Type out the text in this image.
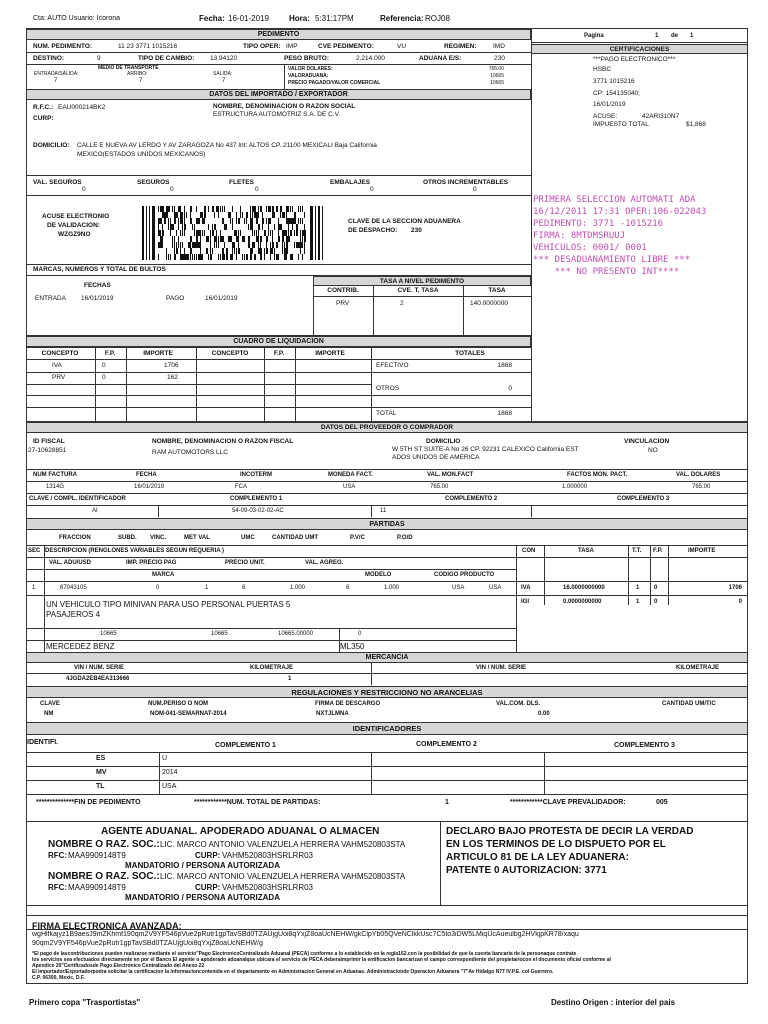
Cta: AUTO Usuario: Icorona	Fecha: 16-01-2019	Hora: 5:31:17PM	Referencia: ROJ08
PEDIMENTO
NUM. PEDIMENTO:	11 23 3771 1015216	TIPO OPER: IMP	CVE PEDIMENTO:	VU	REGIMEN:	IMD
DESTINO:	9	TIPO DE CAMBIO: 13.94120	PESO BRUTO:	2,214.000	ADUANA E/S:	230
MEDIO DE TRANSPORTE
ENTRADA/SALIDA:
7
ARRIBO:
7
SALIDA:
7
VALOR DOLARES:	765.00
VALORADUANA:	10665
PRECIO PAGADO/VALOR COMERCIAL	10665
DATOS DEL IMPORTADO / EXPORTADOR
R.F.C.: EAU000214BK2
CURP:
NOMBRE, DENOMINACION O RAZON SOCIAL
ESTRUCTURA AUTOMOTRIZ S.A. DE C.V.
DOMICILIO: CALLE E NUEVA AV LERDO Y AV ZARAGOZA No 437 Int: ALTOS CP. 21100 MEXICALI Baja California
MEXICO(ESTADOS UNIDOS MEXICANOS)
VAL. SEGUROS
0
SEGUROS
0
FLETES
0
EMBALAJES
0
OTROS INCREMENTABLES
0
ACUSE ELECTRONIO
DE VALIDACION:
WZGZ9NO
CLAVE DE LA SECCION ADUANERA
DE DESPACHO: 230
MARCAS, NUMEROS Y TOTAL DE BULTOS
FECHAS
ENTRADA 16/01/2019	PAGO	16/01/2019
TASA A NIVEL PEDIMENTO
CONTRIB.	CVE. T. TASA	TASA
PRV	2	140.0000000
Pagina	1 de 1
CERTIFICACIONES
***PAGO ELECTRONICO***
HSBC
3771 1015216
CP: 154135040;
16/01/2019
ACUSE:	42ARI310N7
IMPUESTO TOTAL	$1,868
PRIMERA SELECCION AUTOMATI ADA
16/12/2011 17:31 OPER:106-022043
PEDIMENTO: 3771 -1015216
FIRMA: 8MTDMSRUUJ
VEHICULOS: 0001/ 0001
*** DESADUANAMIENTO LIBRE ***
*** NO PRESENTO INT****
CUADRO DE LIQUIDACION
CONCEPTO	F.P.	IMPORTE	CONCEPTO	F.P.	IMPORTE	TOTALES
IVA	0	1706
PRV	0	162
EFECTIVO	1868
OTROS	0
TOTAL	1868
DATOS DEL PROVEEDOR O COMPRADOR
ID FISCAL
27-10628851
NOMBRE, DENOMINACION O RAZON FISCAL
RAM AUTOMOTORS LLC
DOMICILIO
W 5TH ST SUITE-A No 26 CP. 92231 CALEXICO California EST
ADOS UNIDOS DE AMERICA
VINCULACION
NO
NUM FACTURA	FECHA	INCOTERM	MONEDA FACT.	VAL. MON.FACT	FACTOS MON. PACT.	VAL. DOLARES
1314G	16/01/2019	FCA	USA	765.00	1.000000	765.00
CLAVE / COMPL. IDENTIFICADOR	COMPLEMENTO 1	COMPLEMENTO 2	COMPLEMENTO 3
AI	54-09-03-02-02-AC	11
PARTIDAS
FRACCION	SUBD. VINC.	MET VAL	UMC	CANTIDAD UMT	P.V/C	P.O/D
SEC DESCRIPCION (RENGLONES VARIABLES SEGUN REQUERIA )	CON	TASA	T.T. F.P.	IMPORTE
VAL. ADU/USD	IMP. PRECIO PAG	PRECIO UNIT.	VAL. AGREG.
MARCA	MODELO	CODIGO PRODUCTO
1	87043105	0	1	6	1.000	6	1.000	USA	USA
UN VEHICULO TIPO MINIVAN PARA USO PERSONAL PUERTAS 5
PASAJEROS 4
10665	10665	10665.00000	0
MERCEDEZ BENZ	ML350
IVA	16.0000000000	1 0	1706
IGI	0.0000000000	1 0	0
MERCANCIA
VIN / NUM. SERIE	KILOMETRAJE	VIN / NUM. SERIE	KILOMETRAJE
4JGDA2EB4EA313666	1
REGULACIONES Y RESTRICCIONO NO ARANCELIAS
CLAVE	NUM.PERISO O NOM	FIRMA DE DESCARGO	VAL.COM. DLS.	CANTIDAD UM/T/C
NM	NOM-041-SEMARNAT-2014	NXTJLMNA	0.00
IDENTIFICADORES
IDENTIFI.	COMPLEMENTO 1	COMPLEMENTO 2	COMPLEMENTO 3
ES	U
MV	2014
TL	USA
**************FIN DE PEDIMENTO	************NUM. TOTAL DE PARTIDAS:	1	************CLAVE PREVALIDADOR:	005
AGENTE ADUANAL. APODERADO ADUANAL O ALMACEN
NOMBRE O RAZ. SOC.: LIC. MARCO ANTONIO VALENZUELA HERRERA VAHM520803STA
RFC: MAA9909148T9	CURP: VAHM520803HSRLRR03
MANDATORIO / PERSONA AUTORIZADA
NOMBRE O RAZ. SOC.: LIC. MARCO ANTONIO VALENZUELA HERRERA VAHM520803STA
RFC: MAA9909148T9	CURP: VAHM520803HSRLRR03
MANDATORIO / PERSONA AUTORIZADA
DECLARO BAJO PROTESTA DE DECIR LA VERDAD
EN LOS TERMINOS DE LO DISPUETO POR EL
ARTICULO 81 DE LA LEY ADUANERA:
PATENTE 0 AUTORIZACION: 3771
FIRMA ELECTRONICA AVANZADA:
wgHlfkajyz1B9aesJ9mZKhmf190qm2V9YF546pVue2pRutr1gpTavSBd0TZAUjgUoi8qYxjZ8oaUcNEHW/gkClpYb05QVeNClkkUsc7C5to3iDW5LMiqUcAueulbg2HVkjpKR78/xaqu
90qm2V9YF546pVue2pRutr1gpTavSBd0TZAUjgUoi8qYxjZ8oaUcNEHW/g
*El pago de lascontribuciones pueden realizarse mediante el servicio"Pago ElectronicoCentralizado Aduanal (PECA) conforme a lo establecido en la regla162.con la posibilidad de que la cuenta bancaria de la personaque contrate
los servicios sea efectuados directamente en por el Banco El agente o apoderado aduanalque ubicara el servicio de PECA deberaimprimir la entificacion bancarizan el campo correspondiente del propietariocon el documento oficial conforme al
Apendice 20"Certificadosde Pago Electronico Centralizado del Anexo 22
El importador/Exportadorpodra solicitar la certificacion la informacioncontenida en el departamento en Administracion General en Aduanas. Administracionde Operacion Aduanera "7"Av Hidalgo N77 IV.P.E. col Guerrero.
C.P. 06300, Mexic, D.F.
Primero copa "Trasportistas"	Destino Origen : interior del pais
